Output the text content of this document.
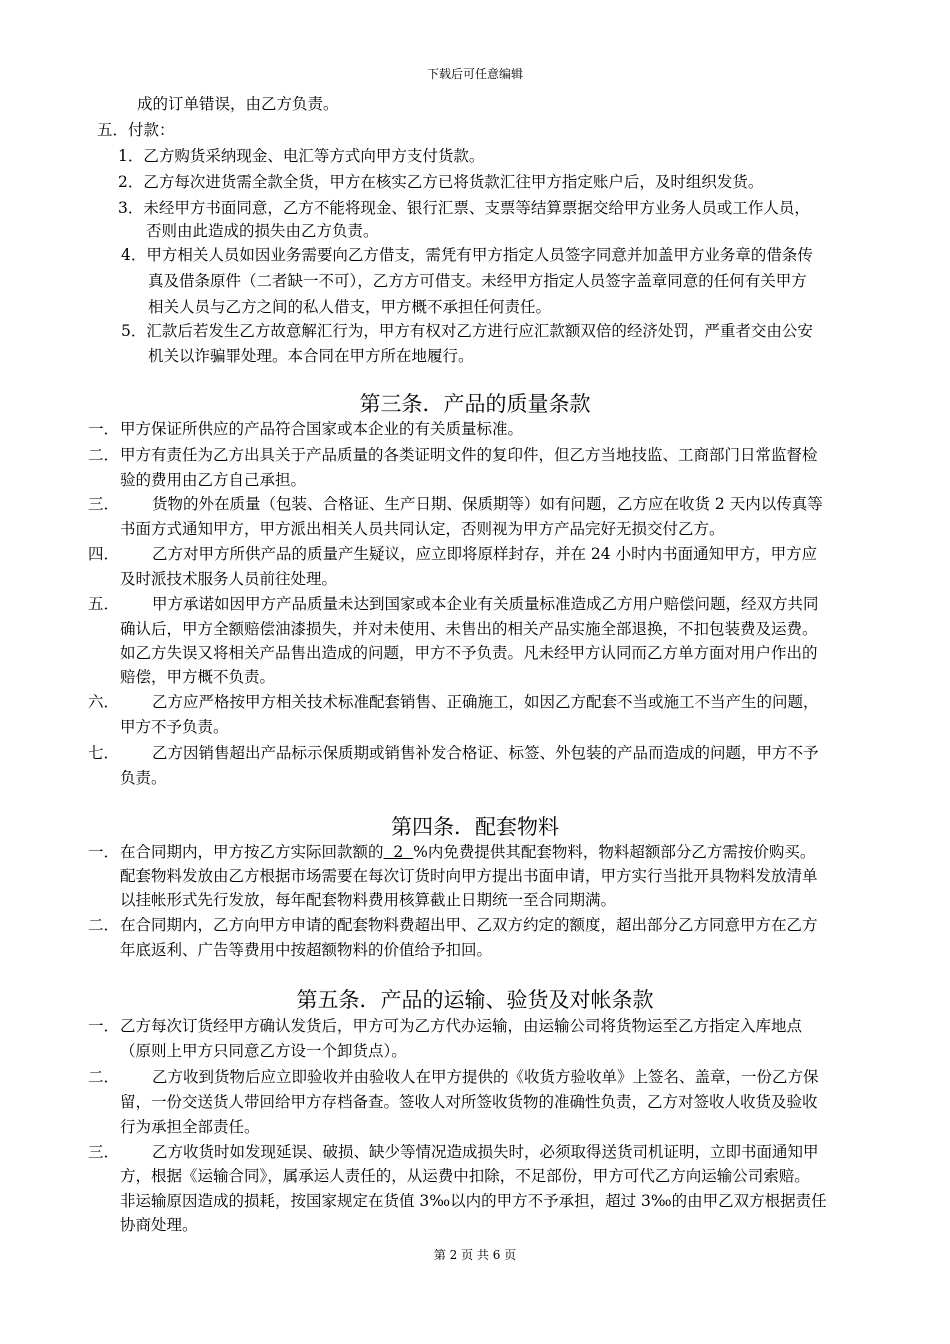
下载后可任意编辑
成的订单错误，由乙方负责。
五．付款：
1．乙方购货采纳现金、电汇等方式向甲方支付货款。
2．乙方每次进货需全款全货，甲方在核实乙方已将货款汇往甲方指定账户后，及时组织发货。
3．未经甲方书面同意，乙方不能将现金、银行汇票、支票等结算票据交给甲方业务人员或工作人员，
否则由此造成的损失由乙方负责。
4．甲方相关人员如因业务需要向乙方借支，需凭有甲方指定人员签字同意并加盖甲方业务章的借条传
真及借条原件（二者缺一不可），乙方方可借支。未经甲方指定人员签字盖章同意的任何有关甲方
相关人员与乙方之间的私人借支，甲方概不承担任何责任。
5．汇款后若发生乙方故意解汇行为，甲方有权对乙方进行应汇款额双倍的经济处罚，严重者交由公安
机关以诈骗罪处理。本合同在甲方所在地履行。
第三条．产品的质量条款
一． 甲方保证所供应的产品符合国家或本企业的有关质量标准。
二． 甲方有责任为乙方出具关于产品质量的各类证明文件的复印件，但乙方当地技监、工商部门日常监督检
验的费用由乙方自己承担。
三． 货物的外在质量（包装、合格证、生产日期、保质期等）如有问题，乙方应在收货 2 天内以传真等
书面方式通知甲方，甲方派出相关人员共同认定，否则视为甲方产品完好无损交付乙方。
四． 乙方对甲方所供产品的质量产生疑议，应立即将原样封存，并在 24 小时内书面通知甲方，甲方应
及时派技术服务人员前往处理。
五． 甲方承诺如因甲方产品质量未达到国家或本企业有关质量标准造成乙方用户赔偿问题，经双方共同
确认后，甲方全额赔偿油漆损失，并对未使用、未售出的相关产品实施全部退换，不扣包装费及运费。
如乙方失误又将相关产品售出造成的问题，甲方不予负责。凡未经甲方认同而乙方单方面对用户作出的
赔偿，甲方概不负责。
六． 乙方应严格按甲方相关技术标准配套销售、正确施工，如因乙方配套不当或施工不当产生的问题，
甲方不予负责。
七． 乙方因销售超出产品标示保质期或销售补发合格证、标签、外包装的产品而造成的问题，甲方不予
负责。
第四条．配套物料
一． 在合同期内，甲方按乙方实际回款额的  2  %内免费提供其配套物料，物料超额部分乙方需按价购买。
配套物料发放由乙方根据市场需要在每次订货时向甲方提出书面申请，甲方实行当批开具物料发放清单
以挂帐形式先行发放，每年配套物料费用核算截止日期统一至合同期满。
二． 在合同期内，乙方向甲方申请的配套物料费超出甲、乙双方约定的额度，超出部分乙方同意甲方在乙方
年底返利、广告等费用中按超额物料的价值给予扣回。
第五条．产品的运输、验货及对帐条款
一． 乙方每次订货经甲方确认发货后，甲方可为乙方代办运输，由运输公司将货物运至乙方指定入库地点
（原则上甲方只同意乙方设一个卸货点）。
二． 乙方收到货物后应立即验收并由验收人在甲方提供的《收货方验收单》上签名、盖章，一份乙方保
留，一份交送货人带回给甲方存档备查。签收人对所签收货物的准确性负责，乙方对签收人收货及验收
行为承担全部责任。
三． 乙方收货时如发现延误、破损、缺少等情况造成损失时，必须取得送货司机证明，立即书面通知甲
方，根据《运输合同》，属承运人责任的，从运费中扣除，不足部份，甲方可代乙方向运输公司索赔。
非运输原因造成的损耗，按国家规定在货值 3‰以内的甲方不予承担，超过 3‰的由甲乙双方根据责任
协商处理。
第 2 页 共 6 页
